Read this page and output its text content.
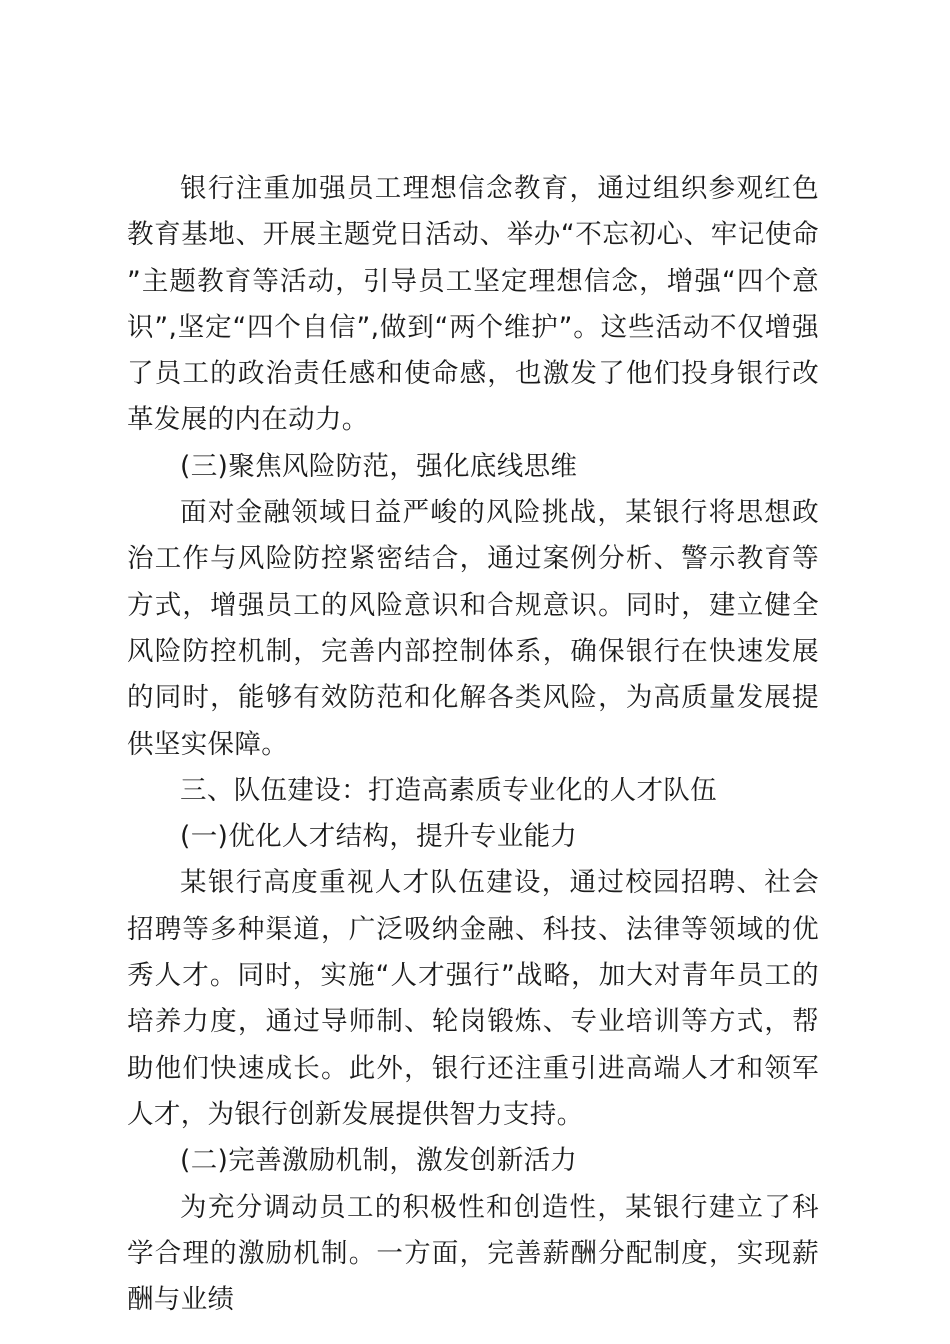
银行注重加强员工理想信念教育，通过组织参观红色教育基地、开展主题党日活动、举办“不忘初心、牢记使命”主题教育等活动，引导员工坚定理想信念，增强“四个意识”,坚定“四个自信”,做到“两个维护”。这些活动不仅增强了员工的政治责任感和使命感，也激发了他们投身银行改革发展的内在动力。

(三)聚焦风险防范，强化底线思维

面对金融领域日益严峻的风险挑战，某银行将思想政治工作与风险防控紧密结合，通过案例分析、警示教育等方式，增强员工的风险意识和合规意识。同时，建立健全风险防控机制，完善内部控制体系，确保银行在快速发展的同时，能够有效防范和化解各类风险，为高质量发展提供坚实保障。

三、队伍建设：打造高素质专业化的人才队伍

(一)优化人才结构，提升专业能力

某银行高度重视人才队伍建设，通过校园招聘、社会招聘等多种渠道，广泛吸纳金融、科技、法律等领域的优秀人才。同时，实施“人才强行”战略，加大对青年员工的培养力度，通过导师制、轮岗锻炼、专业培训等方式，帮助他们快速成长。此外，银行还注重引进高端人才和领军人才，为银行创新发展提供智力支持。

(二)完善激励机制，激发创新活力

为充分调动员工的积极性和创造性，某银行建立了科学合理的激励机制。一方面，完善薪酬分配制度，实现薪酬与业绩
